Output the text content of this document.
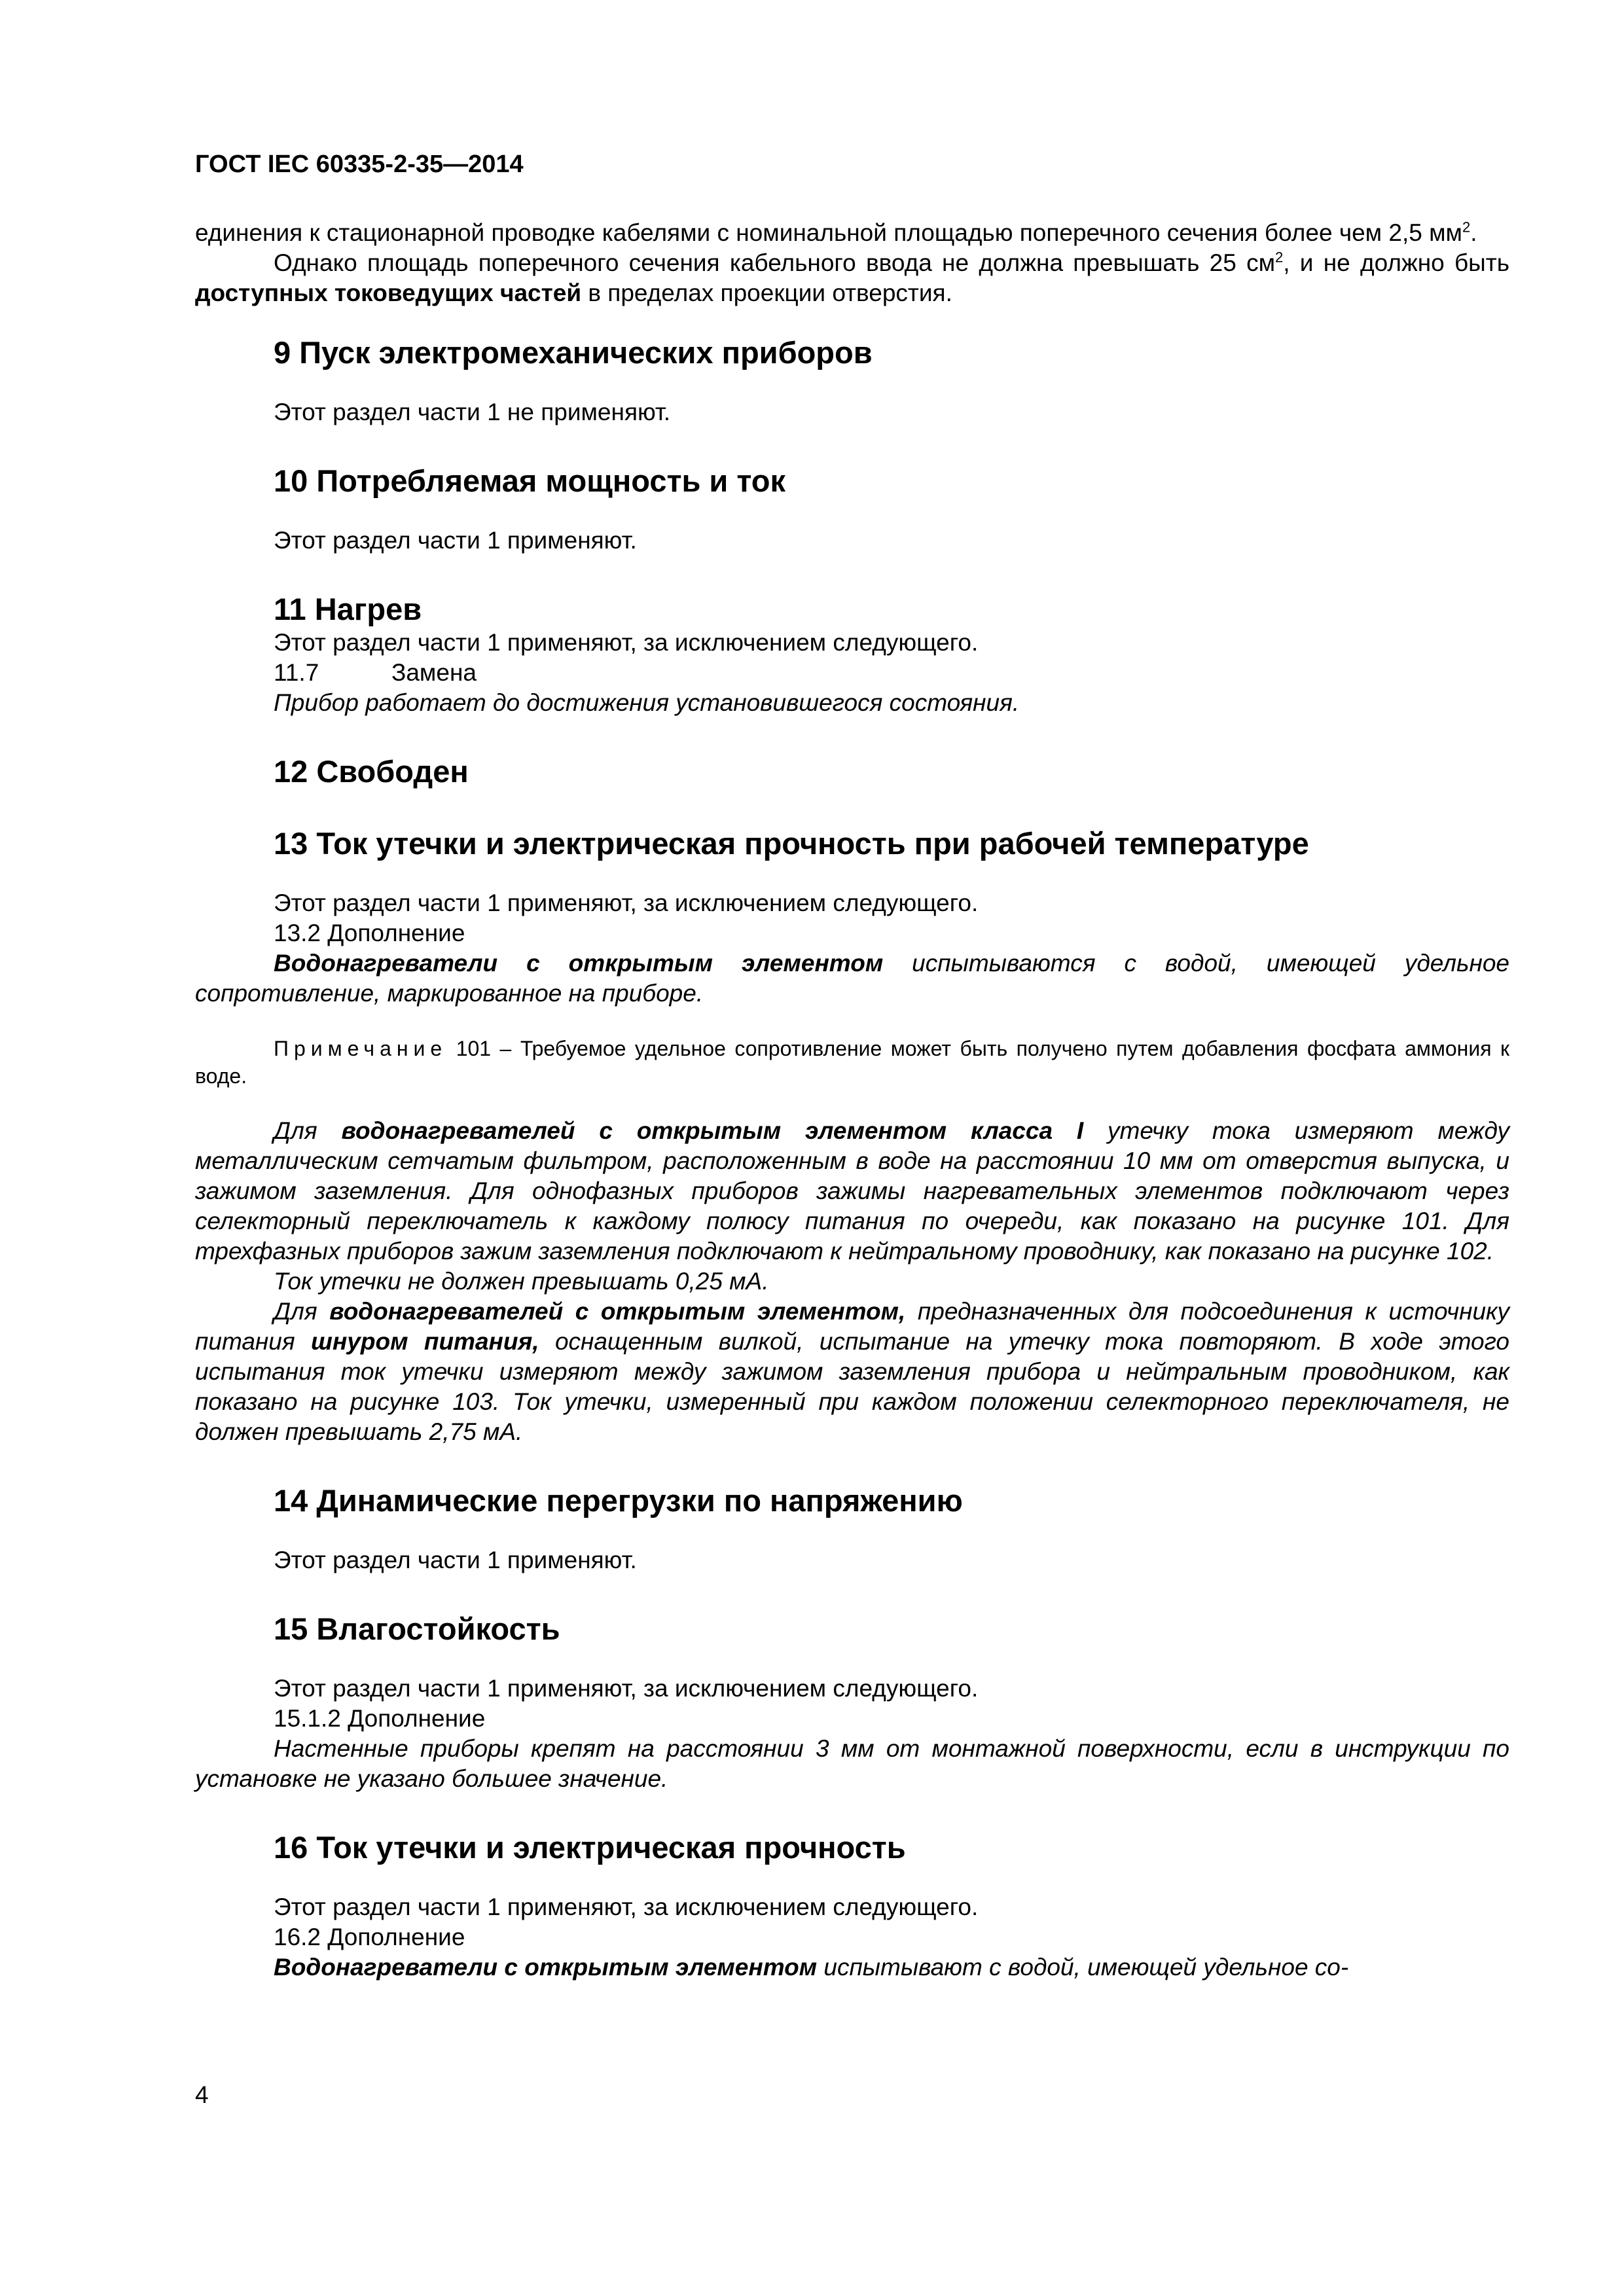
ГОСТ IEC 60335-2-35—2014

единения к стационарной проводке кабелями с номинальной площадью поперечного сечения более чем 2,5 $мм^2$.

Однако площадь поперечного сечения кабельного ввода не должна превышать 25 $см^2$, и не должно быть доступных токоведущих частей в пределах проекции отверстия.

9 Пуск электромеханических приборов

Этот раздел части 1 не применяют.

10 Потребляемая мощность и ток

Этот раздел части 1 применяют.

11 Нагрев

Этот раздел части 1 применяют, за исключением следующего.

11.7	Замена

Прибор работает до достижения установившегося состояния.

12 Свободен
13 Ток утечки и электрическая прочность при рабочей температуре

Этот раздел части 1 применяют, за исключением следующего.

13.2 Дополнение

Водонагреватели с открытым элементом испытываются с водой, имеющей удельное сопротивление, маркированное на приборе.

Примечание 101 – Требуемое удельное сопротивление может быть получено путем добавления фосфата аммония к воде.

Для водонагревателей с открытым элементом класса I утечку тока измеряют между металлическим сетчатым фильтром, расположенным в воде на расстоянии 10 мм от отверстия выпуска, и зажимом заземления. Для однофазных приборов зажимы нагревательных элементов подключают через селекторный переключатель к каждому полюсу питания по очереди, как показано на рисунке 101. Для трехфазных приборов зажим заземления подключают к нейтральному проводнику, как показано на рисунке 102.

Ток утечки не должен превышать 0,25 мА.

Для водонагревателей с открытым элементом, предназначенных для подсоединения к источнику питания шнуром питания, оснащенным вилкой, испытание на утечку тока повторяют. В ходе этого испытания ток утечки измеряют между зажимом заземления прибора и нейтральным проводником, как показано на рисунке 103. Ток утечки, измеренный при каждом положении селекторного переключателя, не должен превышать 2,75 мА.

14 Динамические перегрузки по напряжению

Этот раздел части 1 применяют.

15 Влагостойкость

Этот раздел части 1 применяют, за исключением следующего.

15.1.2 Дополнение

Настенные приборы крепят на расстоянии 3 мм от монтажной поверхности, если в инструкции по установке не указано большее значение.

16 Ток утечки и электрическая прочность

Этот раздел части 1 применяют, за исключением следующего.

16.2 Дополнение

Водонагреватели с открытым элементом испытывают с водой, имеющей удельное со-

4
